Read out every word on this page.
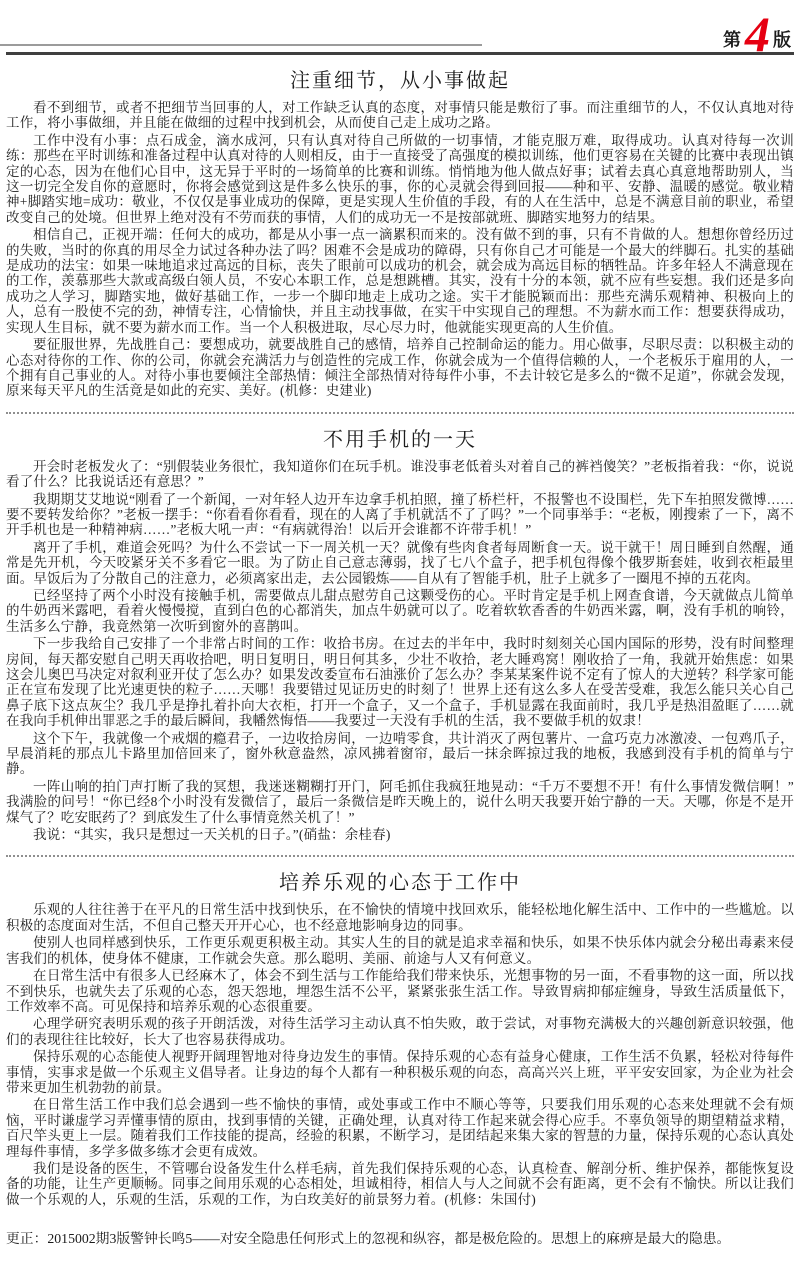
第 4 版
注重细节，从小事做起

看不到细节，或者不把细节当回事的人，对工作缺乏认真的态度，对事情只能是敷衍了事。而注重细节的人，不仅认真地对待工作，将小事做细，并且能在做细的过程中找到机会，从而使自己走上成功之路。

工作中没有小事：点石成金，滴水成河，只有认真对待自己所做的一切事情，才能克服万难，取得成功。认真对待每一次训练：那些在平时训练和准备过程中认真对待的人则相反，由于一直接受了高强度的模拟训练，他们更容易在关键的比赛中表现出镇定的心态，因为在他们心目中，这无异于平时的一场简单的比赛和训练。悄悄地为他人做点好事；试着去真心真意地帮助别人，当这一切完全发自你的意愿时，你将会感觉到这是件多么快乐的事，你的心灵就会得到回报——种和平、安静、温暖的感觉。敬业精神+脚踏实地=成功：敬业，不仅仅是事业成功的保障，更是实现人生价值的手段，有的人在生活中，总是不满意目前的职业，希望改变自己的处境。但世界上绝对没有不劳而获的事情，人们的成功无一不是按部就班、脚踏实地努力的结果。

相信自己，正视开端：任何大的成功，都是从小事一点一滴累积而来的。没有做不到的事，只有不肯做的人。想想你曾经历过的失败，当时的你真的用尽全力试过各种办法了吗？困难不会是成功的障碍，只有你自己才可能是一个最大的绊脚石。扎实的基础是成功的法宝：如果一味地追求过高远的目标，丧失了眼前可以成功的机会，就会成为高远目标的牺牲品。许多年轻人不满意现在的工作，羡慕那些大款或高级白领人员，不安心本职工作，总是想跳槽。其实，没有十分的本领，就不应有些妄想。我们还是多向成功之人学习，脚踏实地，做好基础工作，一步一个脚印地走上成功之途。实干才能脱颖而出：那些充满乐观精神、积极向上的人，总有一股使不完的劲，神情专注，心情愉快，并且主动找事做，在实干中实现自己的理想。不为薪水而工作：想要获得成功，实现人生目标，就不要为薪水而工作。当一个人积极进取，尽心尽力时，他就能实现更高的人生价值。

要征服世界，先战胜自己：要想成功，就要战胜自己的感情，培养自己控制命运的能力。用心做事，尽职尽责：以积极主动的心态对待你的工作、你的公司，你就会充满活力与创造性的完成工作，你就会成为一个值得信赖的人，一个老板乐于雇用的人，一个拥有自己事业的人。对待小事也要倾注全部热情：倾注全部热情对待每件小事，不去计较它是多么的“微不足道”，你就会发现，原来每天平凡的生活竟是如此的充实、美好。(机修：史建业)

不用手机的一天

开会时老板发火了：“别假装业务很忙，我知道你们在玩手机。谁没事老低着头对着自己的裤裆傻笑？”老板指着我：“你，说说看了什么？比我说话还有意思？”

我期期艾艾地说“刚看了一个新闻，一对年轻人边开车边拿手机拍照，撞了桥栏杆，不报警也不设围栏，先下车拍照发微博……要不要转发给你？”老板一摆手：“你看看你看看，现在的人离了手机就活不了了吗？”一个同事举手：“老板，刚搜索了一下，离不开手机也是一种精神病……”老板大吼一声：“有病就得治！以后开会谁都不许带手机！”

离开了手机，难道会死吗？为什么不尝试一下一周关机一天？就像有些肉食者每周断食一天。说干就干！周日睡到自然醒，通常是先开机，今天咬紧牙关不多看它一眼。为了防止自己意志薄弱，找了七八个盒子，把手机包得像个俄罗斯套娃，收到衣柜最里面。早饭后为了分散自己的注意力，必须离家出走，去公园锻炼——自从有了智能手机，肚子上就多了一圈甩不掉的五花肉。

已经坚持了两个小时没有接触手机，需要做点儿甜点慰劳自己这颗受伤的心。平时肯定是手机上网查食谱，今天就做点儿简单的牛奶西米露吧，看着火慢慢搅，直到白色的心都消失，加点牛奶就可以了。吃着软软香香的牛奶西米露，啊，没有手机的响铃，生活多么宁静，我竟然第一次听到窗外的喜鹊叫。

下一步我给自己安排了一个非常占时间的工作：收拾书房。在过去的半年中，我时时刻刻关心国内国际的形势，没有时间整理房间，每天都安慰自己明天再收拾吧，明日复明日，明日何其多，少壮不收拾，老大睡鸡窝！刚收拾了一角，我就开始焦虑：如果这会儿奥巴马决定对叙利亚开仗了怎么办？如果发改委宣布石油涨价了怎么办？李某某案件说不定有了惊人的大逆转？科学家可能正在宣布发现了比光速更快的粒子……天哪！我要错过见证历史的时刻了！世界上还有这么多人在受苦受难，我怎么能只关心自己鼻子底下这点灰尘？我几乎是挣扎着扑向大衣柜，打开一个盒子，又一个盒子，手机显露在我面前时，我几乎是热泪盈眶了……就在我向手机伸出罪恶之手的最后瞬间，我幡然悔悟——我要过一天没有手机的生活，我不要做手机的奴隶！

这个下午，我就像一个戒烟的瘾君子，一边收拾房间，一边啃零食，共计消灭了两包薯片、一盒巧克力冰激凌、一包鸡爪子，早晨消耗的那点儿卡路里加倍回来了，窗外秋意盎然，凉风拂着窗帘，最后一抹余晖掠过我的地板，我感到没有手机的简单与宁静。

一阵山响的拍门声打断了我的冥想，我迷迷糊糊打开门，阿毛抓住我疯狂地晃动：“千万不要想不开！有什么事情发微信啊！”我满脸的问号！“你已经8个小时没有发微信了，最后一条微信是昨天晚上的，说什么明天我要开始宁静的一天。天哪，你是不是开煤气了？吃安眠药了？到底发生了什么事情竟然关机了！”

我说：“其实，我只是想过一天关机的日子。”(硝盐：余桂春)

培养乐观的心态于工作中

乐观的人往往善于在平凡的日常生活中找到快乐，在不愉快的情境中找回欢乐，能轻松地化解生活中、工作中的一些尴尬。以积极的态度面对生活，不但自己整天开开心心，也不经意地影响身边的同事。

使别人也同样感到快乐，工作更乐观更积极主动。其实人生的目的就是追求幸福和快乐，如果不快乐体内就会分秘出毒素来侵害我们的机体，使身体不健康，工作就会失意。那么聪明、美丽、前途与人又有何意义。

在日常生活中有很多人已经麻木了，体会不到生活与工作能给我们带来快乐，光想事物的另一面，不看事物的这一面，所以找不到快乐，也就失去了乐观的心态，怨天怨地，埋怨生活不公平，紧紧张张生活工作。导致胃病抑郁症缠身，导致生活质量低下，工作效率不高。可见保持和培养乐观的心态很重要。

心理学研究表明乐观的孩子开朗活泼，对待生活学习主动认真不怕失败，敢于尝试，对事物充满极大的兴趣创新意识较强，他们的表现往往比较好，长大了也容易获得成功。

保持乐观的心态能使人视野开阔理智地对待身边发生的事情。保持乐观的心态有益身心健康，工作生活不负累，轻松对待每件事情，实事求是做一个乐观主义倡导者。让身边的每个人都有一种积极乐观的向态，高高兴兴上班，平平安安回家，为企业为社会带来更加生机勃勃的前景。

在日常生活工作中我们总会遇到一些不愉快的事情，或处事或工作中不顺心等等，只要我们用乐观的心态来处理就不会有烦恼，平时谦虚学习弄懂事情的原由，找到事情的关键，正确处理，认真对待工作起来就会得心应手。不辜负领导的期望精益求精，百尺竿头更上一层。随着我们工作技能的提高，经验的积累，不断学习，是团结起来集大家的智慧的力量，保持乐观的心态认真处理每件事情，多学多做多练才会更有成效。

我们是设备的医生，不管哪台设备发生什么样毛病，首先我们保持乐观的心态，认真检查、解剖分析、维护保养，都能恢复设备的功能，让生产更顺畅。同事之间用乐观的心态相处，坦诚相待，相信人与人之间就不会有距离，更不会有不愉快。所以让我们做一个乐观的人，乐观的生活，乐观的工作，为白玫美好的前景努力着。(机修：朱国付)

更正：2015002期3版警钟长鸣5——对安全隐患任何形式上的忽视和纵容，都是极危险的。思想上的麻痹是最大的隐患。
